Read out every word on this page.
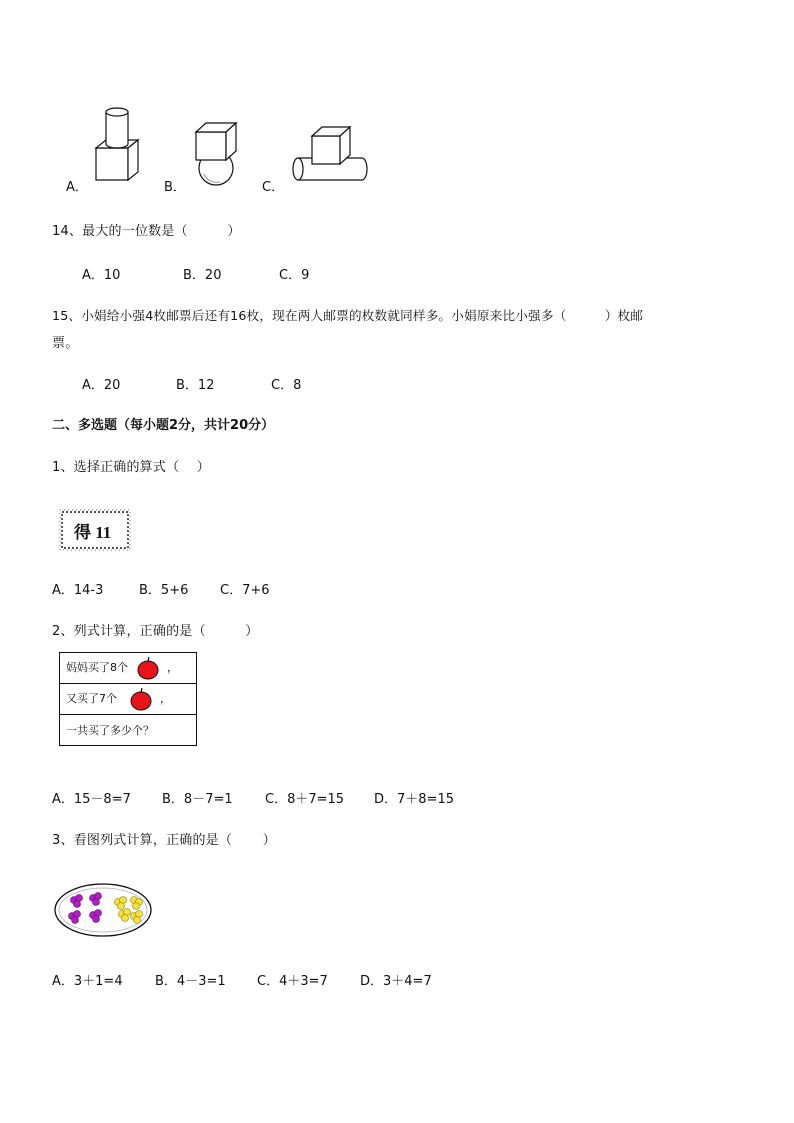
A．	B．	C．
14、最大的一位数是（　　　）
A．10	B．20	C．9
15、小娟给小强4枚邮票后还有16枚，现在两人邮票的枚数就同样多。小娟原来比小强多（　　　）枚邮
票。
A．20	B．12	C．8
二、多选题（每小题2分，共计20分）
1、选择正确的算式（　 ）
得 11
A．14-3	B．5+6 C．7+6
2、列式计算，正确的是（　　　）
妈妈买了8个	，
又买了7个	，
一共买了多少个？
A．15－8=7 B．8－7=1 C．8＋7=15 D．7＋8=15
3、看图列式计算，正确的是（　　 ）
A．3＋1=4 B．4－3=1 C．4＋3=7 D．3＋4=7
